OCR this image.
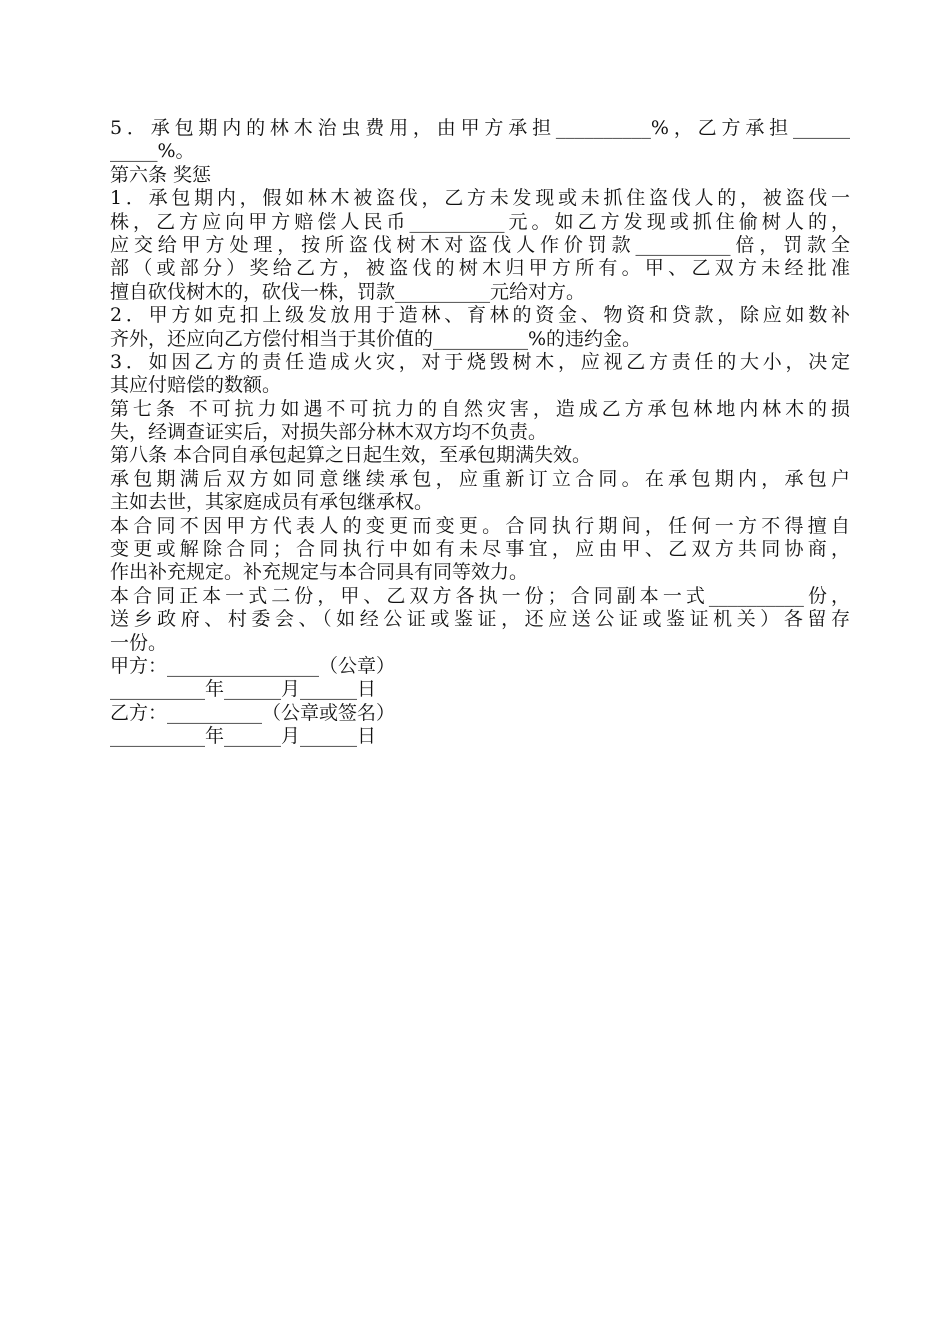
5．承包期内的林木治虫费用，由甲方承担__________%，乙方承担______
_____%。
第六条 奖惩
1．承包期内，假如林木被盗伐，乙方未发现或未抓住盗伐人的，被盗伐一
株，乙方应向甲方赔偿人民币__________元。如乙方发现或抓住偷树人的，
应交给甲方处理，按所盗伐树木对盗伐人作价罚款__________倍，罚款全
部（或部分）奖给乙方，被盗伐的树木归甲方所有。甲、乙双方未经批准
擅自砍伐树木的，砍伐一株，罚款__________元给对方。
2．甲方如克扣上级发放用于造林、育林的资金、物资和贷款，除应如数补
齐外，还应向乙方偿付相当于其价值的__________%的违约金。
3．如因乙方的责任造成火灾，对于烧毁树木，应视乙方责任的大小，决定
其应付赔偿的数额。
第七条 不可抗力如遇不可抗力的自然灾害，造成乙方承包林地内林木的损
失，经调查证实后，对损失部分林木双方均不负责。
第八条 本合同自承包起算之日起生效，至承包期满失效。
承包期满后双方如同意继续承包，应重新订立合同。在承包期内，承包户
主如去世，其家庭成员有承包继承权。
本合同不因甲方代表人的变更而变更。合同执行期间，任何一方不得擅自
变更或解除合同；合同执行中如有未尽事宜，应由甲、乙双方共同协商，
作出补充规定。补充规定与本合同具有同等效力。
本合同正本一式二份，甲、乙双方各执一份；合同副本一式__________份，
送乡政府、村委会、（如经公证或鉴证，还应送公证或鉴证机关）各留存
一份。
甲方：________________（公章）
__________年______月______日
乙方：__________（公章或签名）
__________年______月______日
